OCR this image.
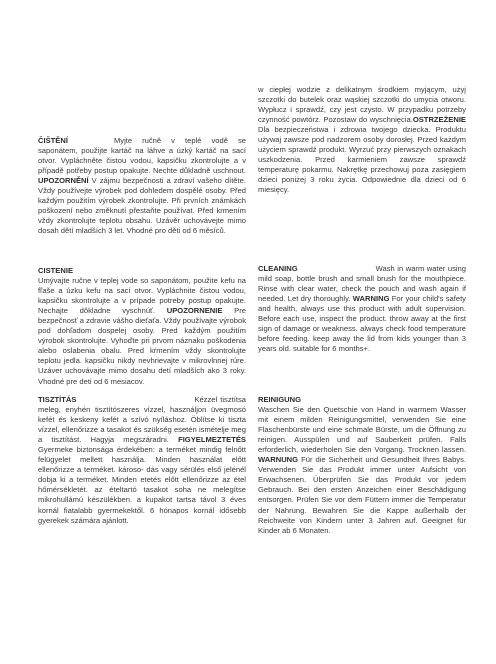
ČIŠTĚNÍ	Myjte ručně v teplé vodě se saponátem, použijte kartáč na láhve a úzký kartáč na sací otvor. Vypláchněte čistou vodou, kapsičku zkontrolujte a v případě potřeby postup opakujte. Nechte důkladně uschnout. UPOZORNĚNÍ V zájmu bezpečnosti a zdraví vašeho dítěte. Vždy používejte výrobek pod dohledem dospělé osoby. Před každým použitím výrobek zkontrolujte. Při prvních známkách poškození nebo změknutí přestaňte používat. Před krmením vždy zkontrolujte teplotu obsahu. Uzávěr uchovávejte mimo dosah dětí mladších 3 let. Vhodné pro děti od 6 měsíců.

CISTENIE

Umývajte ručne v teplej vode so saponátom, použite kefu na fľaše a úzku kefu na sací otvor. Vypláchnite čistou vodou, kapsičku skontrolujte a v prípade potreby postup opakujte. Nechajte dôkladne vyschnúť. UPOZORNENIE Pre bezpečnosť a zdravie vášho dieťaťa. Vždy používajte výrobok pod dohľadom dospelej osoby. Pred každým použitím výrobok skontrolujte. Vyhoďte pri prvom náznaku poškodenia alebo oslabenia obalu. Pred kŕmením vždy skontrolujte teplotu jedla. kapsičku nikdy nevhrievajte v mikrovlnnej rúre. Uzáver uchovávajte mimo dosahu detí mladších ako 3 roky. Vhodné pre deti od 6 mesiacov.

TISZTÍTÁS	Kézzel tisztítsa meleg, enyhén tisztítószeres vízzel, használjon üvegmosó kefét és keskeny kefét a szívó nyíláshoz. Öblítse ki tiszta vízzel, ellenőrizze a tasakot és szükség esetén ismételje meg a tisztítást. Hagyja megszáradni. FIGYELMEZTETÉS Gyermeke biztonsága érdekében: a terméket mindig felnőtt felügyelet mellett használja. Minden használat előtt ellenőrizze a terméket. károso- dás vagy sérülés első jelénél dobja ki a terméket. Minden etetés előtt ellenőrizze az étel hőmérsékletét. az ételtartó tasakot soha ne melegítse mikrohullámú készülékben. a kupakot tartsa távol 3 éves kornál fiatalabb gyermekektől. 6 hónapos kornál idősebb gyerekek számára ajánlott.

w ciepłej wodzie z delikatnym środkiem myjącym, użyj szczotki do butelek oraz wąskiej szczotki do umycia otworu. Wypłucz i sprawdź, czy jest czysto. W przypadku potrzeby czynność powtórz. Pozostaw do wyschnięcia.OSTRZEŻENIE Dla bezpieczeństwa i zdrowia twojego dziecka. Produktu używaj zawsze pod nadzorem osoby dorosłej. Przed każdym użyciem sprawdź produkt. Wyrzuć przy pierwszych oznakach uszkodzenia. Przed karmieniem zawsze sprawdź temperaturę pokarmu. Nakrętkę przechowuj poza zasięgiem dzieci poniżej 3 roku życia. Odpowiednie dla dzieci od 6 miesięcy.

CLEANING	Wash in warm water using mild soap, bottle brush and small brush for the mouthpiece. Rinse with clear water, check the pouch and wash again if needed. Let dry thoroughly. WARNING For your child's safety and health, always use this product with adult supervision. Before each use, inspect the product. throw away at the first sign of damage or weakness. always check food temperature before feeding. keep away the lid from kids younger than 3 years old. suitable for 6 months+.

REINIGUNG

Waschen Sie den Quetschie von Hand in warmem Wasser mit einem milden Reinigungsmittel, verwenden Sie eine Flaschenbürste und eine schmale Bürste, um die Öffnung zu reinigen. Ausspülen und auf Sauberkeit prüfen. Falls erforderlich, wiederholen Sie den Vorgang. Trocknen lassen. WARNUNG Für die Sicherheit und Gesundheit Ihres Babys. Verwenden Sie das Produkt immer unter Aufsicht von Erwachsenen. Überprüfen Sie das Produkt vor jedem Gebrauch. Bei den ersten Anzeichen einer Beschädigung entsorgen. Prüfen Sie vor dem Füttern immer die Temperatur der Nahrung. Bewahren Sie die Kappe außerhalb der Reichweite von Kindern unter 3 Jahren auf. Geeignet für Kinder ab 6 Monaten.
